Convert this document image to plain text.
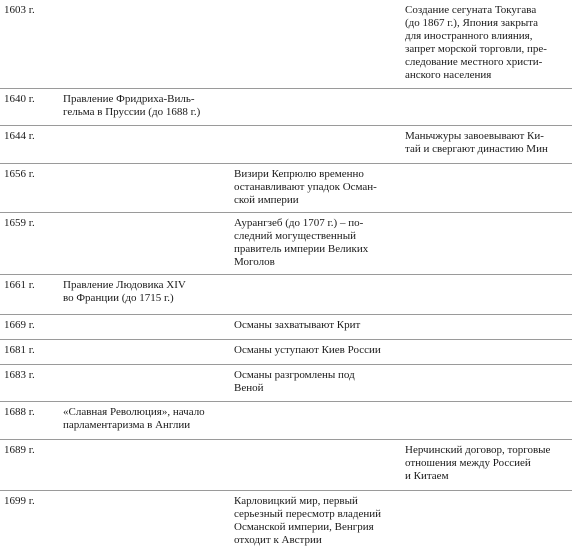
1603 г.	Создание сегуната Токугава
(до 1867 г.), Япония закрыта
для иностранного влияния,
запрет морской торговли, пре-
следование местного христи-
анского населения
1640 г.	Правление Фридриха-Виль-
гельма в Пруссии (до 1688 г.)
1644 г.	Маньчжуры завоевывают Ки-
тай и свергают династию Мин
1656 г.	Визири Кепрюлю временно
останавливают упадок Осман-
ской империи
1659 г.	Аурангзеб (до 1707 г.) – по-
следний могущественный
правитель империи Великих
Моголов
1661 г.	Правление Людовика XIV
во Франции (до 1715 г.)
1669 г.	Османы захватывают Крит
1681 г.	Османы уступают Киев России
1683 г.	Османы разгромлены под
Веной
1688 г.	«Славная Революция», начало
парламентаризма в Англии
1689 г.	Нерчинский договор, торговые
отношения между Россией
и Китаем
1699 г.	Карловицкий мир, первый
серьезный пересмотр владений
Османской империи, Венгрия
отходит к Австрии
